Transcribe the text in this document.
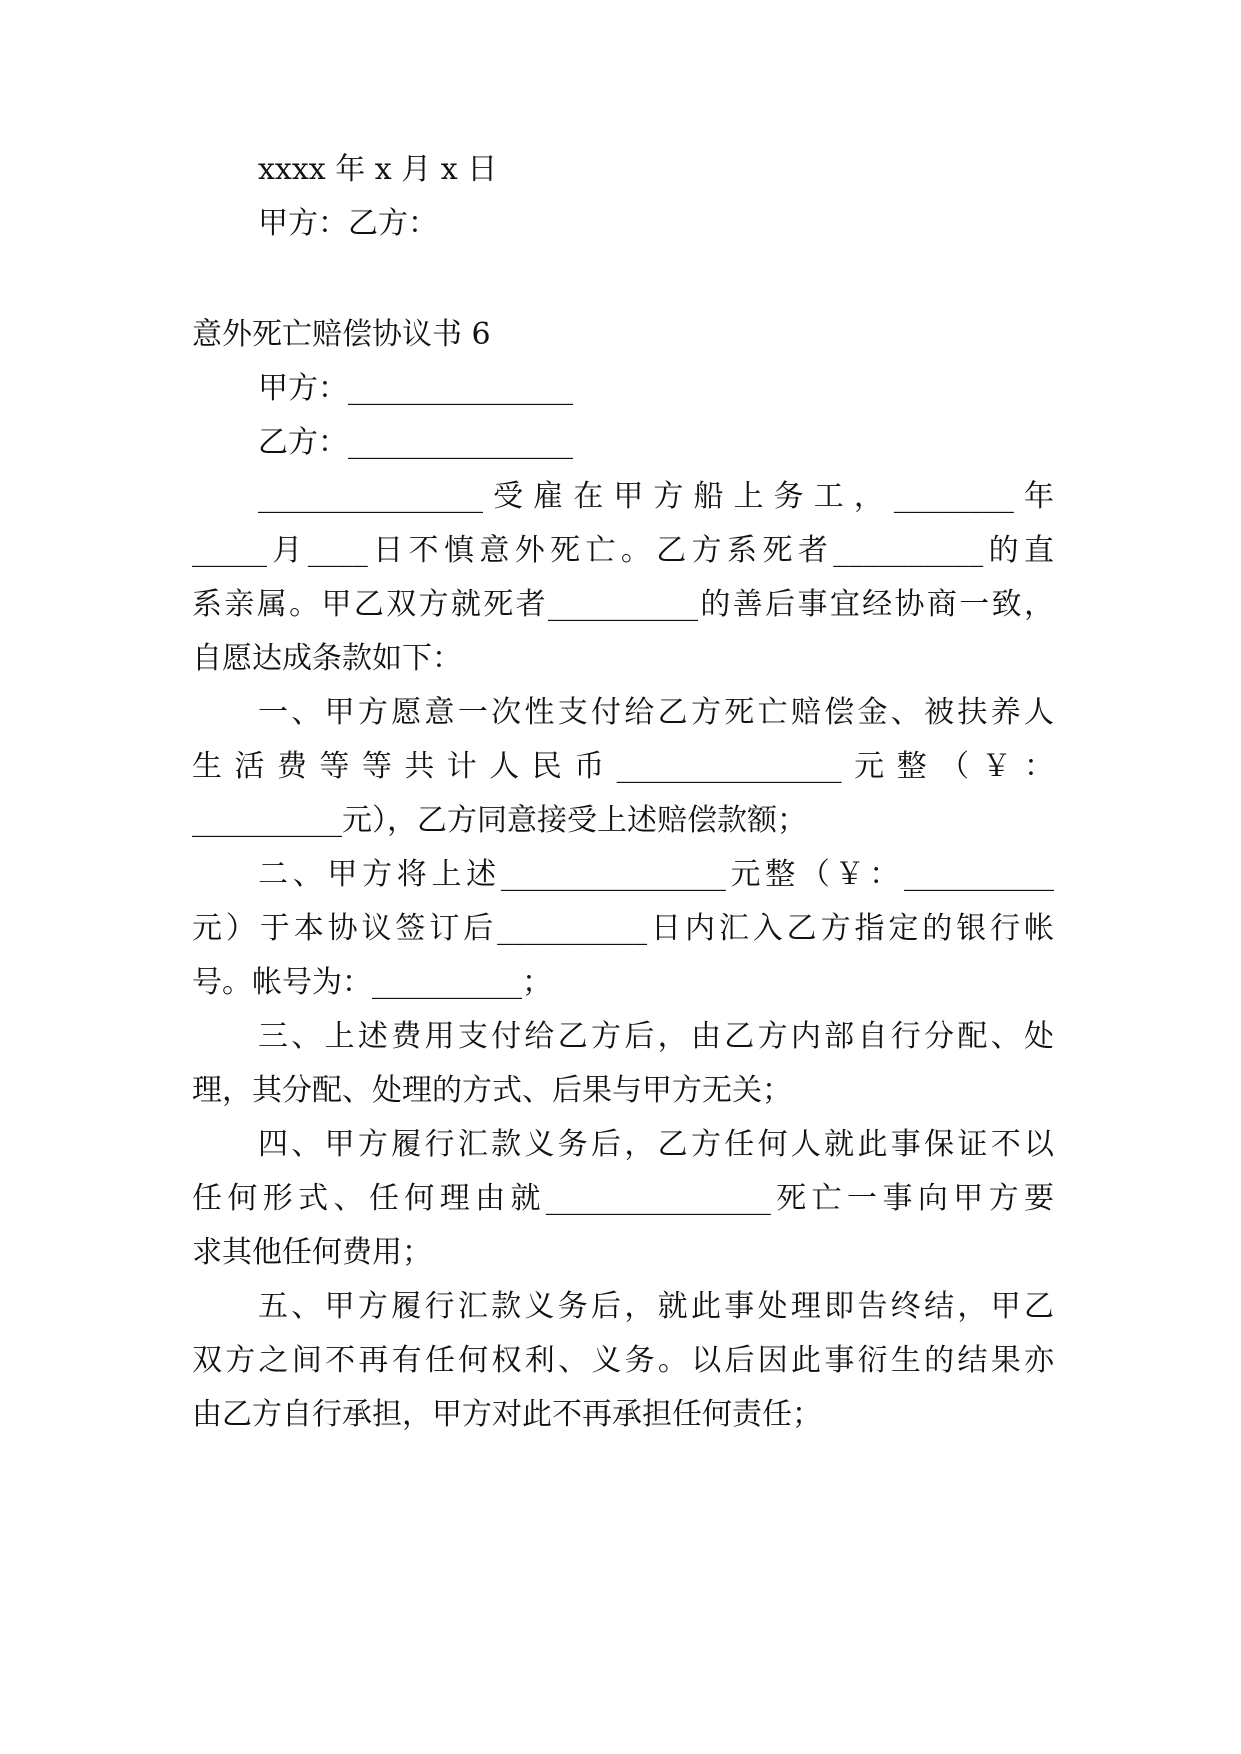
xxxx 年 x 月 x 日
甲方：乙方：
意外死亡赔偿协议书 6
甲方：_______________
乙方：_______________
_______________受雇在甲方船上务工，________年
_____月____日不慎意外死亡。乙方系死者__________的直
系亲属。甲乙双方就死者__________的善后事宜经协商一致，
自愿达成条款如下：
一、甲方愿意一次性支付给乙方死亡赔偿金、被扶养人
生活费等等共计人民币_______________元整（￥：
__________元），乙方同意接受上述赔偿款额；
二、甲方将上述_______________元整（￥：__________
元）于本协议签订后__________日内汇入乙方指定的银行帐
号。帐号为：__________；
三、上述费用支付给乙方后，由乙方内部自行分配、处
理，其分配、处理的方式、后果与甲方无关；
四、甲方履行汇款义务后，乙方任何人就此事保证不以
任何形式、任何理由就_______________死亡一事向甲方要
求其他任何费用；
五、甲方履行汇款义务后，就此事处理即告终结，甲乙
双方之间不再有任何权利、义务。以后因此事衍生的结果亦
由乙方自行承担，甲方对此不再承担任何责任；
